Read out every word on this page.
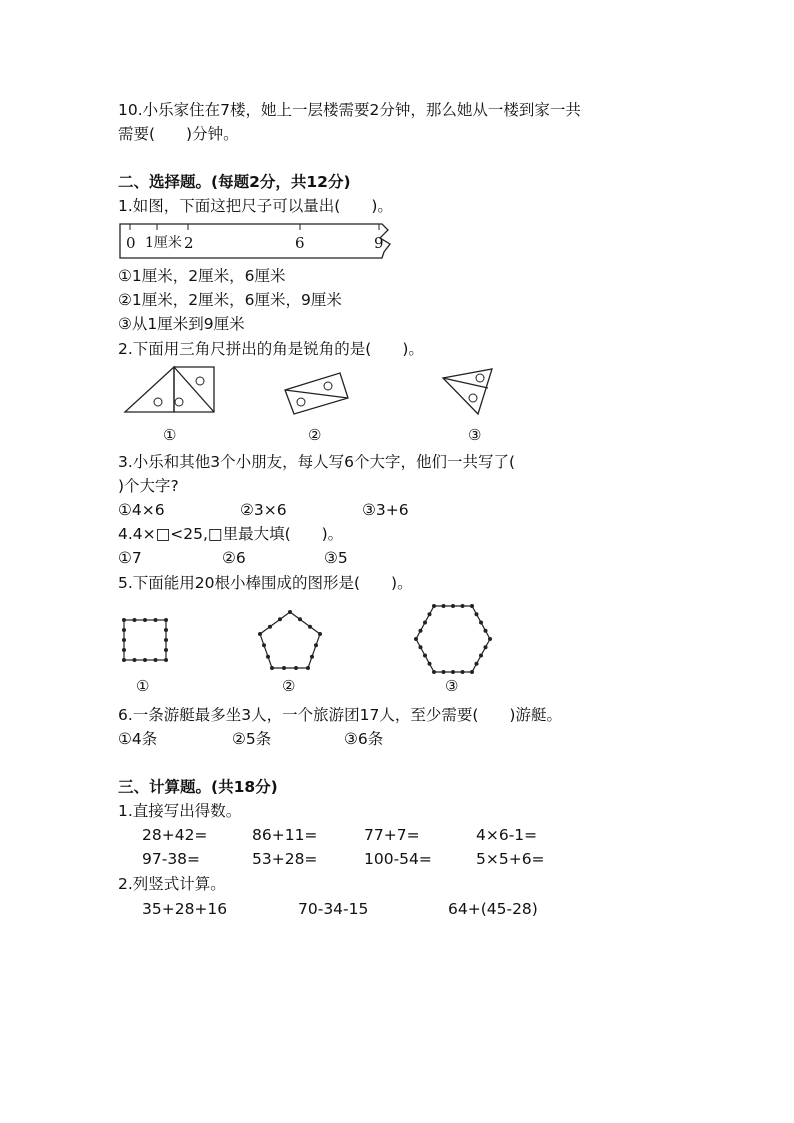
10.小乐家住在7楼，她上一层楼需要2分钟，那么她从一楼到家一共
需要(　　)分钟。
二、选择题。(每题2分，共12分)
1.如图，下面这把尺子可以量出(　　)。
0 1厘米 2	6	9
①1厘米，2厘米，6厘米
②1厘米，2厘米，6厘米，9厘米
③从1厘米到9厘米
2.下面用三角尺拼出的角是锐角的是(　　)。
①	②	③
3.小乐和其他3个小朋友，每人写6个大字，他们一共写了(
)个大字?
①4×6	②3×6	③3+6
4.4×□<25,□里最大填(　　)。
①7	②6	③5
5.下面能用20根小棒围成的图形是(　　)。
①	②	③
6.一条游艇最多坐3人，一个旅游团17人，至少需要(　　)游艇。
①4条	②5条	③6条
三、计算题。(共18分)
1.直接写出得数。
28+42=	86+11=	77+7=	4×6-1=
97-38=	53+28=	100-54=	5×5+6=
2.列竖式计算。
35+28+16	70-34-15	64+(45-28)
